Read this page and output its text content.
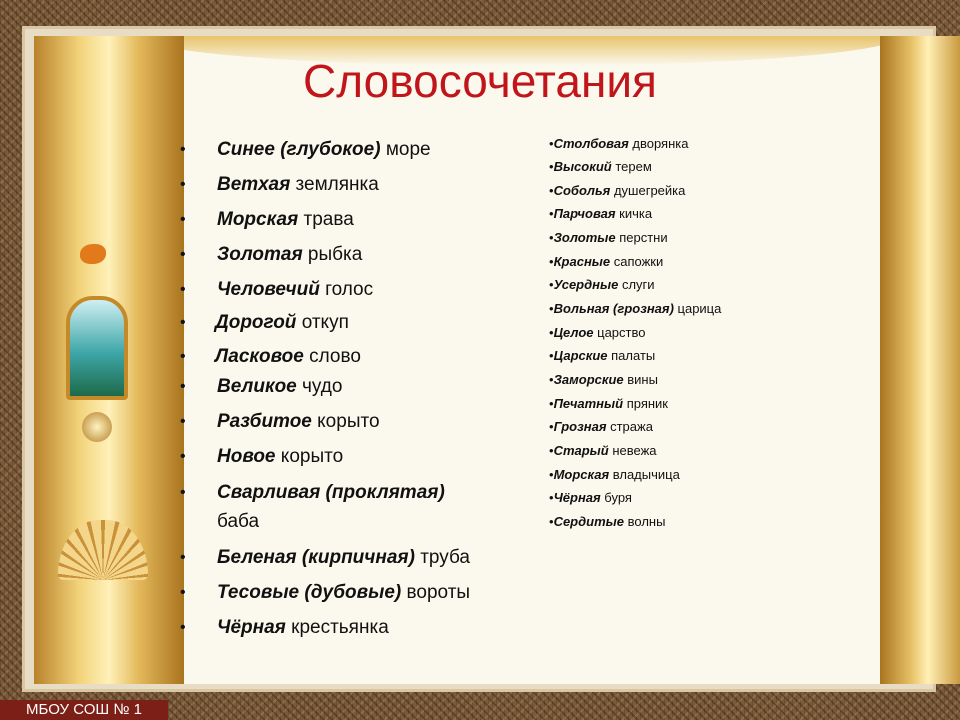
Словосочетания
• Синее (глубокое) море
• Ветхая землянка
• Морская трава
• Золотая рыбка
• Человечий голос
• Дорогой откуп
• Ласковое слово
• Великое чудо
• Разбитое корыто
• Новое корыто
• Сварливая (проклятая) баба
• Беленая (кирпичная) труба
• Тесовые (дубовые) вороты
• Чёрная крестьянка
•Столбовая дворянка
•Высокий терем
•Соболья душегрейка
•Парчовая кичка
•Золотые перстни
•Красные сапожки
•Усердные слуги
•Вольная (грозная) царица
•Целое царство
•Царские палаты
•Заморские вины
•Печатный пряник
•Грозная стража
•Старый невежа
•Морская владычица
•Чёрная буря
•Сердитые волны
МБОУ СОШ № 1
